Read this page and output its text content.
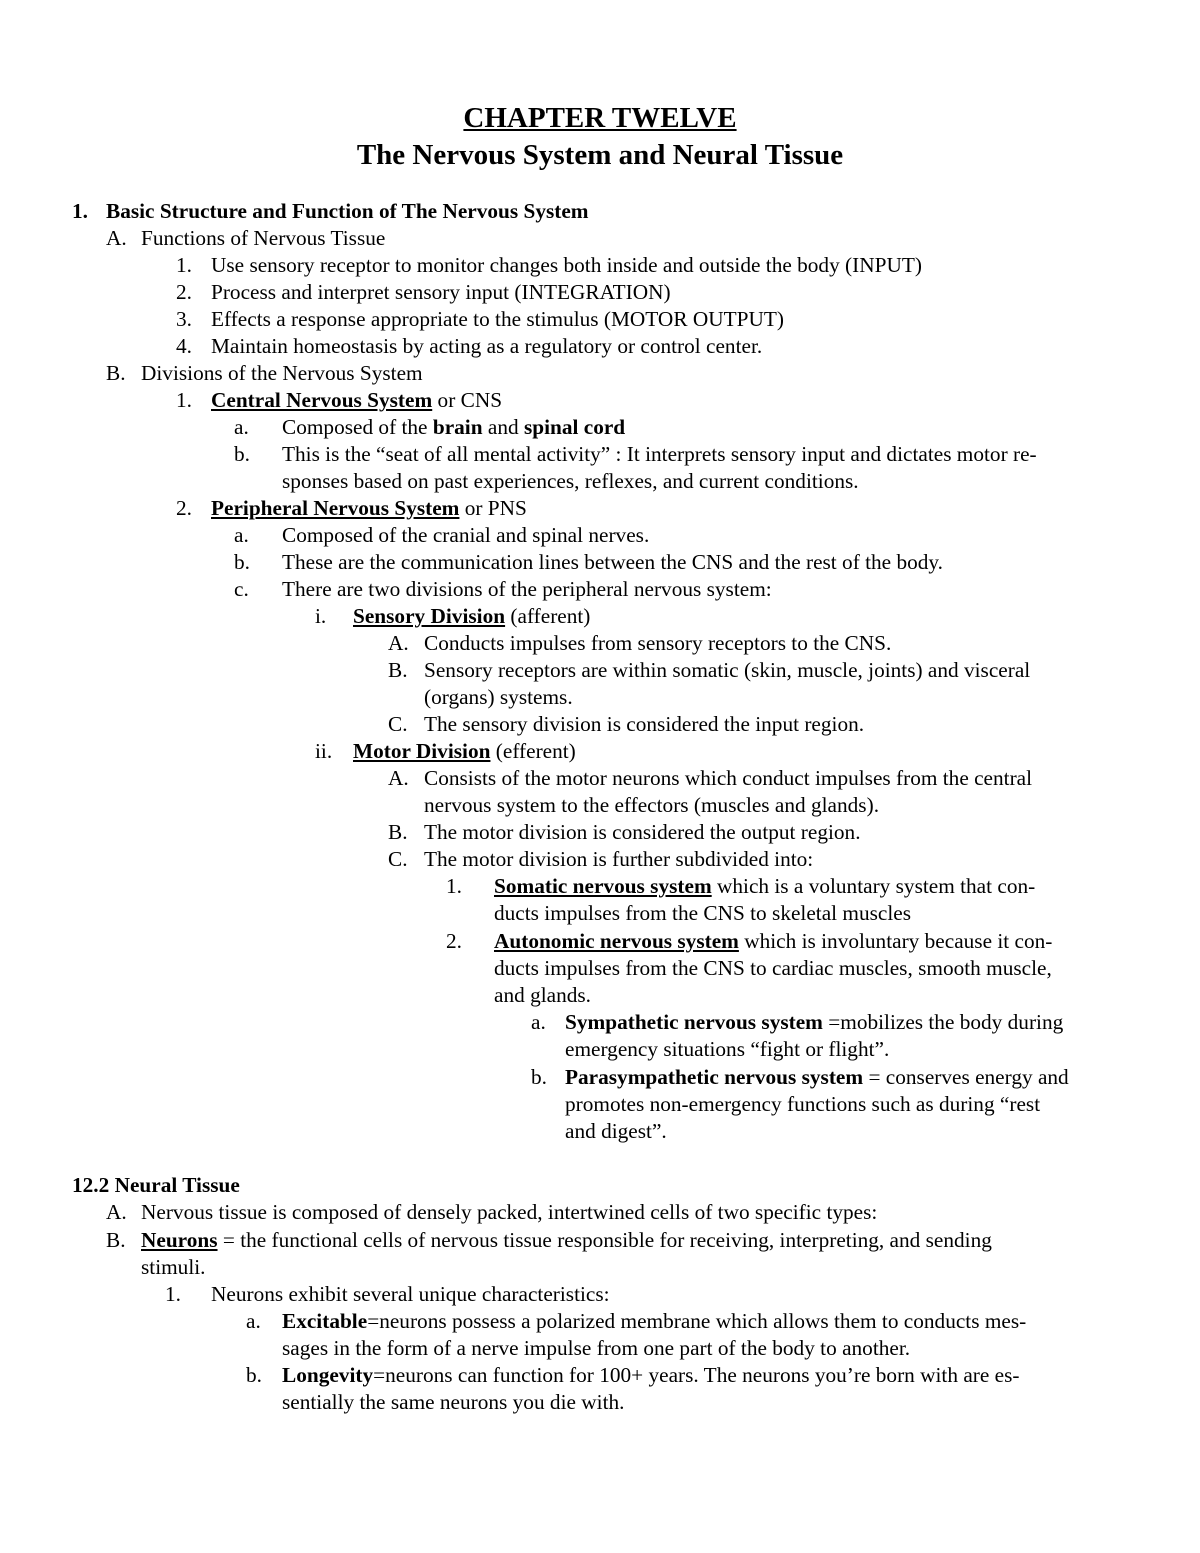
CHAPTER TWELVE
The Nervous System and Neural Tissue
1. Basic Structure and Function of The Nervous System
A. Functions of Nervous Tissue
1. Use sensory receptor to monitor changes both inside and outside the body (INPUT)
2. Process and interpret sensory input (INTEGRATION)
3. Effects a response appropriate to the stimulus (MOTOR OUTPUT)
4. Maintain homeostasis by acting as a regulatory or control center.
B. Divisions of the Nervous System
1. Central Nervous System or CNS
a. Composed of the brain and spinal cord
b. This is the “seat of all mental activity” : It interprets sensory input and dictates motor re-
sponses based on past experiences, reflexes, and current conditions.
2. Peripheral Nervous System or PNS
a. Composed of the cranial and spinal nerves.
b. These are the communication lines between the CNS and the rest of the body.
c. There are two divisions of the peripheral nervous system:
i. Sensory Division (afferent)
A. Conducts impulses from sensory receptors to the CNS.
B. Sensory receptors are within somatic (skin, muscle, joints) and visceral
(organs) systems.
C. The sensory division is considered the input region.
ii. Motor Division (efferent)
A. Consists of the motor neurons which conduct impulses from the central
nervous system to the effectors (muscles and glands).
B. The motor division is considered the output region.
C. The motor division is further subdivided into:
1. Somatic nervous system which is a voluntary system that con-
ducts impulses from the CNS to skeletal muscles
2. Autonomic nervous system which is involuntary because it con-
ducts impulses from the CNS to cardiac muscles, smooth muscle,
and glands.
a. Sympathetic nervous system =mobilizes the body during
emergency situations “fight or flight”.
b. Parasympathetic nervous system = conserves energy and
promotes non-emergency functions such as during “rest
and digest”.
12.2 Neural Tissue
A. Nervous tissue is composed of densely packed, intertwined cells of two specific types:
B. Neurons = the functional cells of nervous tissue responsible for receiving, interpreting, and sending
stimuli.
1. Neurons exhibit several unique characteristics:
a. Excitable=neurons possess a polarized membrane which allows them to conducts mes-
sages in the form of a nerve impulse from one part of the body to another.
b. Longevity=neurons can function for 100+ years. The neurons you’re born with are es-
sentially the same neurons you die with.
